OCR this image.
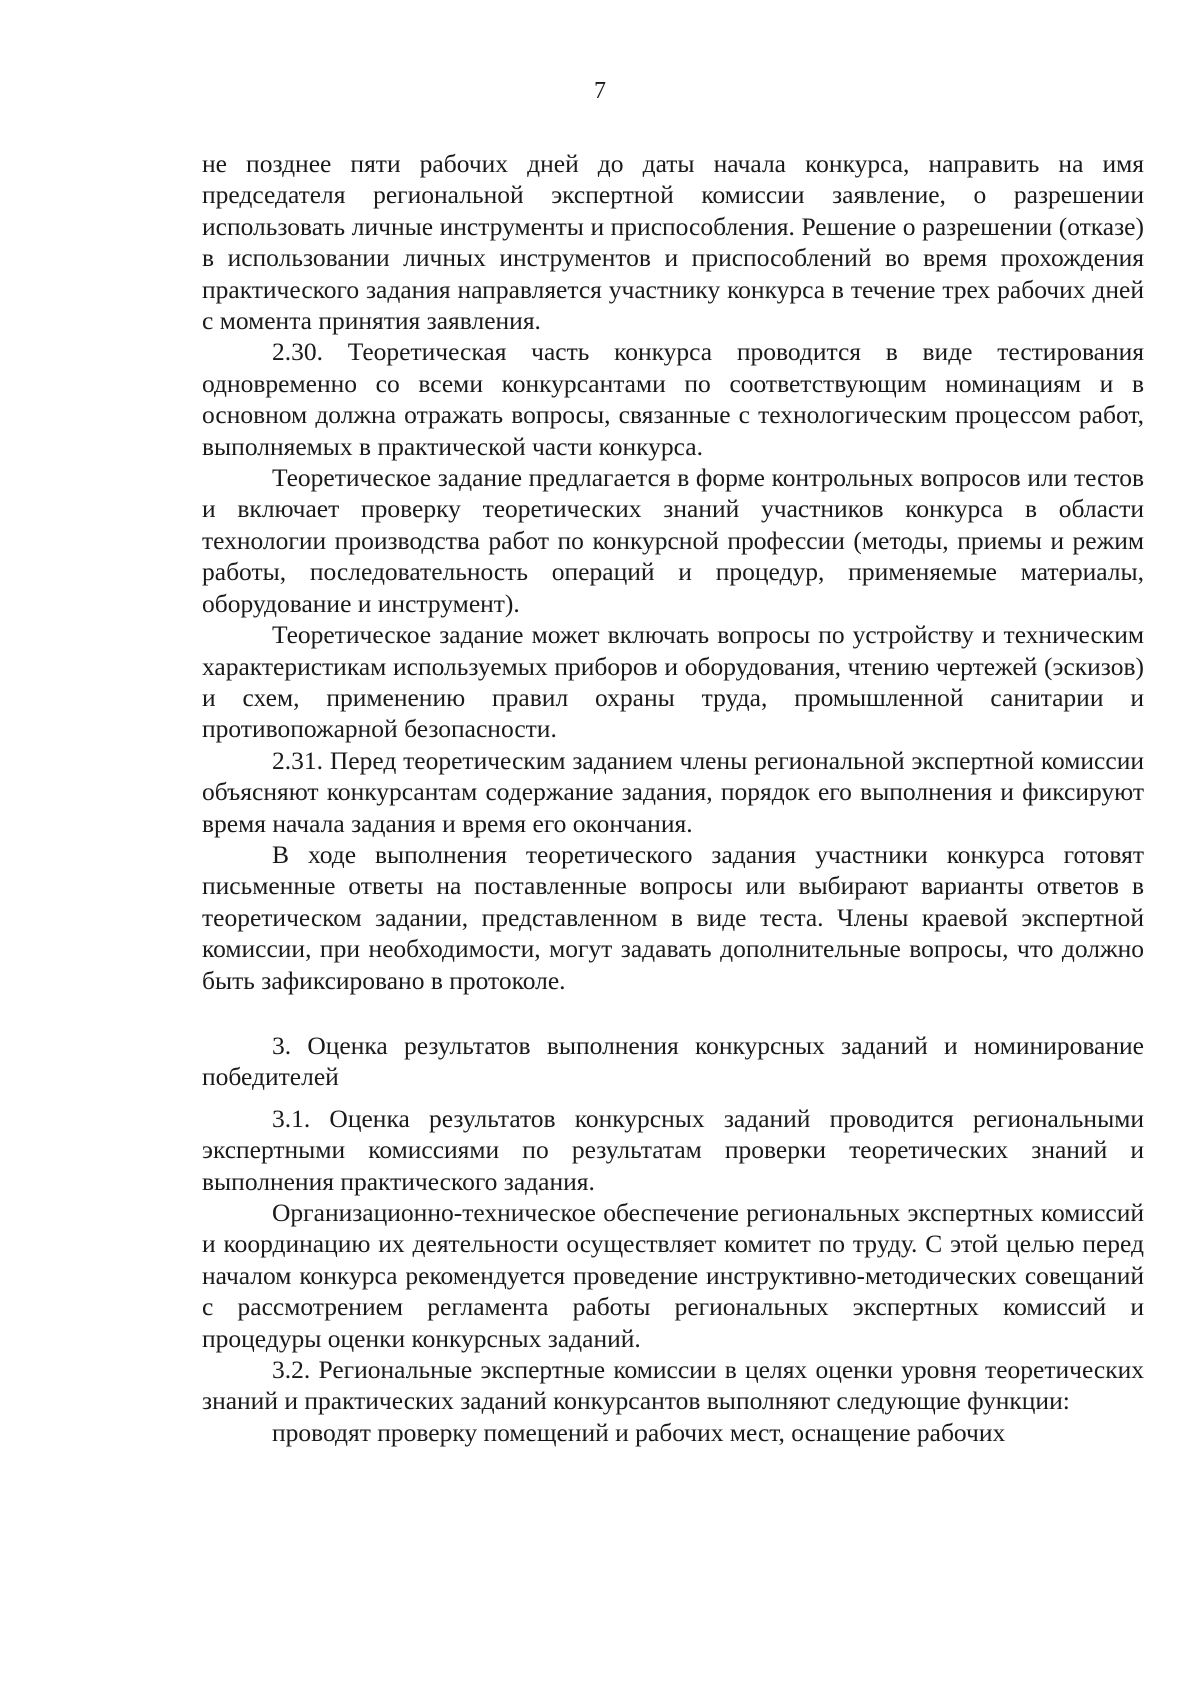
7

не позднее пяти рабочих дней до даты начала конкурса, направить на имя председателя региональной экспертной комиссии заявление, о разрешении использовать личные инструменты и приспособления. Решение о разрешении (отказе) в использовании личных инструментов и приспособлений во время прохождения практического задания направляется участнику конкурса в течение трех рабочих дней с момента принятия заявления.

2.30. Теоретическая часть конкурса проводится в виде тестирования одновременно со всеми конкурсантами по соответствующим номинациям и в основном должна отражать вопросы, связанные с технологическим процессом работ, выполняемых в практической части конкурса.

Теоретическое задание предлагается в форме контрольных вопросов или тестов и включает проверку теоретических знаний участников конкурса в области технологии производства работ по конкурсной профессии (методы, приемы и режим работы, последовательность операций и процедур, применяемые материалы, оборудование и инструмент).

Теоретическое задание может включать вопросы по устройству и техническим характеристикам используемых приборов и оборудования, чтению чертежей (эскизов) и схем, применению правил охраны труда, промышленной санитарии и противопожарной безопасности.

2.31. Перед теоретическим заданием члены региональной экспертной комиссии объясняют конкурсантам содержание задания, порядок его выполнения и фиксируют время начала задания и время его окончания.

В ходе выполнения теоретического задания участники конкурса готовят письменные ответы на поставленные вопросы или выбирают варианты ответов в теоретическом задании, представленном в виде теста. Члены краевой экспертной комиссии, при необходимости, могут задавать дополнительные вопросы, что должно быть зафиксировано в протоколе.

3. Оценка результатов выполнения конкурсных заданий и номинирование победителей

3.1. Оценка результатов конкурсных заданий проводится региональными экспертными комиссиями по результатам проверки теоретических знаний и выполнения практического задания.

Организационно-техническое обеспечение региональных экспертных комиссий и координацию их деятельности осуществляет комитет по труду. С этой целью перед началом конкурса рекомендуется проведение инструктивно-методических совещаний с рассмотрением регламента работы региональных экспертных комиссий и процедуры оценки конкурсных заданий.

3.2. Региональные экспертные комиссии в целях оценки уровня теоретических знаний и практических заданий конкурсантов выполняют следующие функции:

проводят проверку помещений и рабочих мест, оснащение рабочих
